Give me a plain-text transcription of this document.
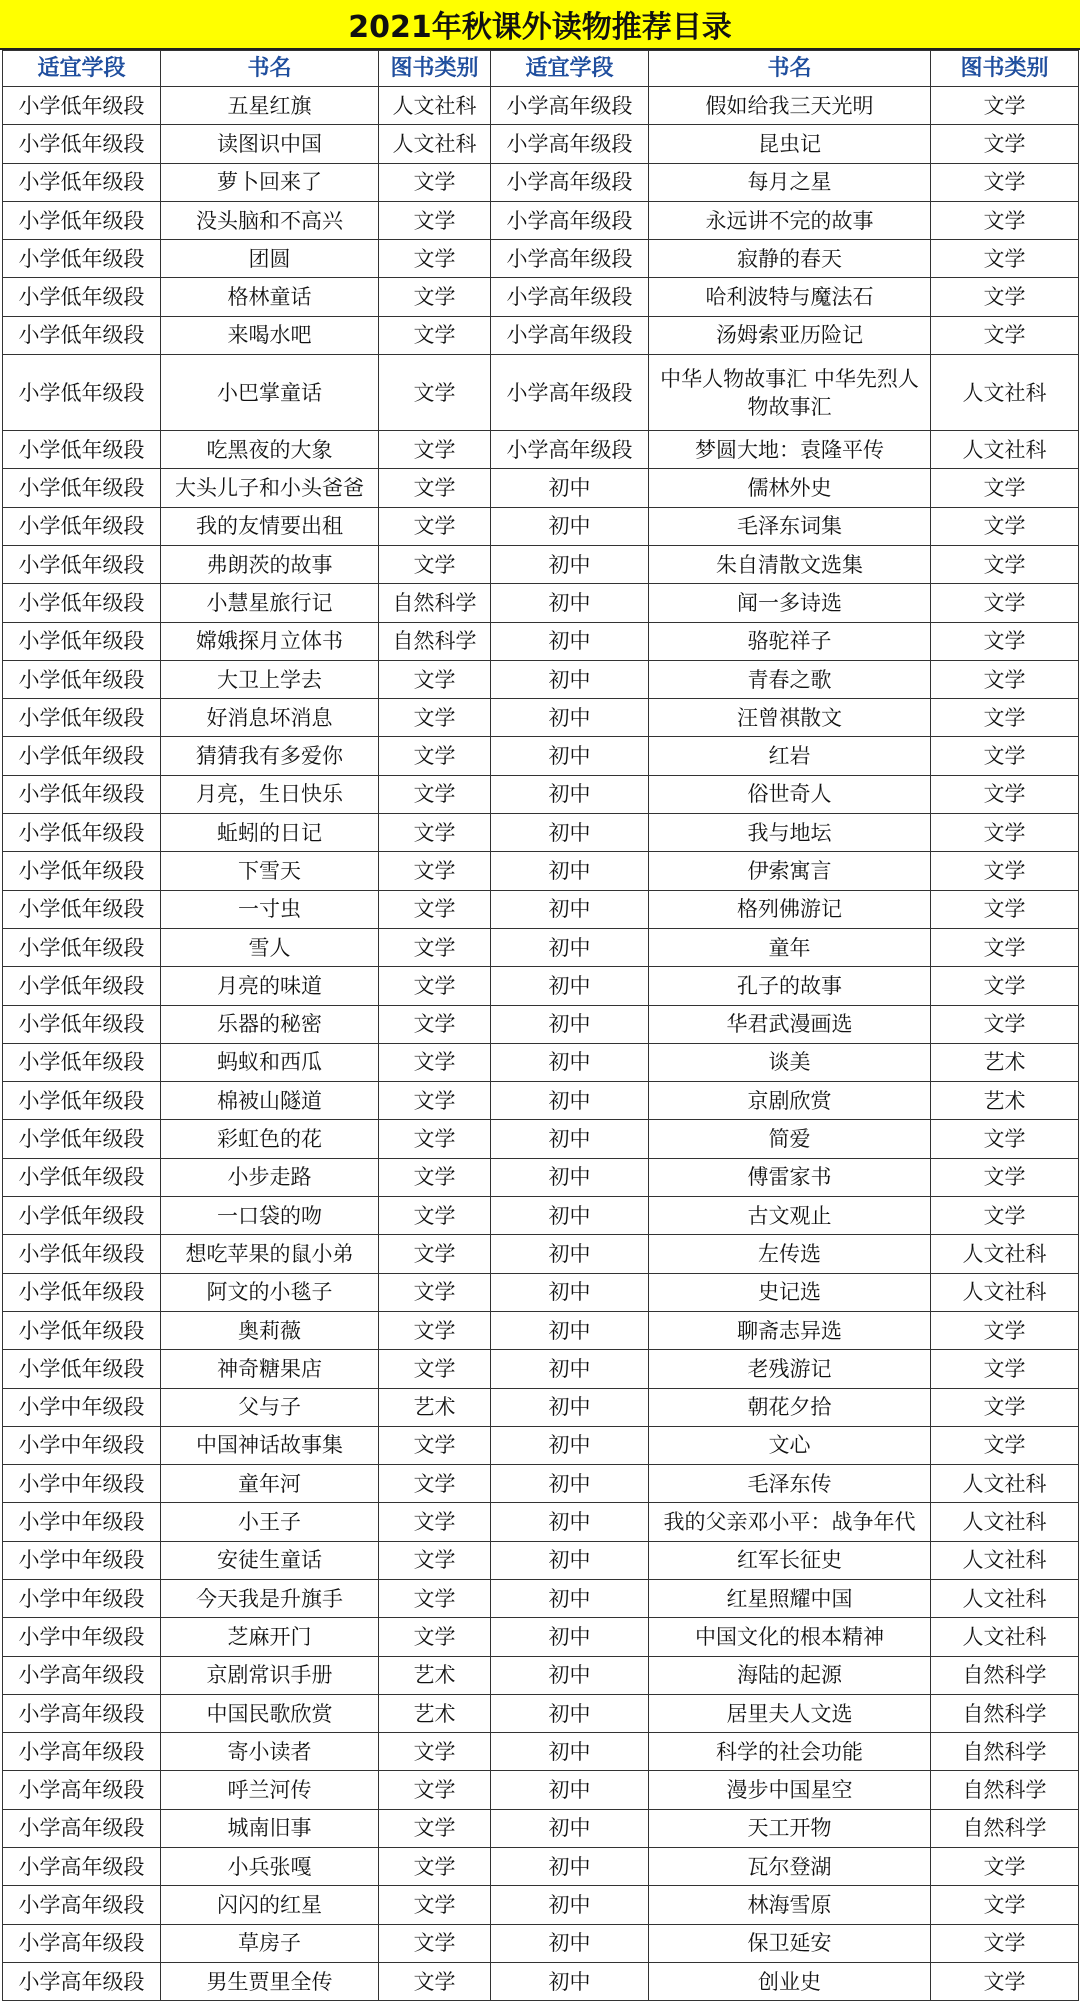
2021年秋课外读物推荐目录
适宜学段	书名	图书类别	适宜学段	书名	图书类别
小学低年级段	五星红旗	人文社科	小学高年级段	假如给我三天光明	文学
小学低年级段	读图识中国	人文社科	小学高年级段	昆虫记	文学
小学低年级段	萝卜回来了	文学	小学高年级段	每月之星	文学
小学低年级段	没头脑和不高兴	文学	小学高年级段	永远讲不完的故事	文学
小学低年级段	团圆	文学	小学高年级段	寂静的春天	文学
小学低年级段	格林童话	文学	小学高年级段	哈利波特与魔法石	文学
小学低年级段	来喝水吧	文学	小学高年级段	汤姆索亚历险记	文学
小学低年级段	小巴掌童话	文学	小学高年级段	中华人物故事汇 中华先烈人物故事汇	人文社科
小学低年级段	吃黑夜的大象	文学	小学高年级段	梦圆大地：袁隆平传	人文社科
小学低年级段	大头儿子和小头爸爸	文学	初中	儒林外史	文学
小学低年级段	我的友情要出租	文学	初中	毛泽东词集	文学
小学低年级段	弗朗茨的故事	文学	初中	朱自清散文选集	文学
小学低年级段	小慧星旅行记	自然科学	初中	闻一多诗选	文学
小学低年级段	嫦娥探月立体书	自然科学	初中	骆驼祥子	文学
小学低年级段	大卫上学去	文学	初中	青春之歌	文学
小学低年级段	好消息坏消息	文学	初中	汪曾祺散文	文学
小学低年级段	猜猜我有多爱你	文学	初中	红岩	文学
小学低年级段	月亮，生日快乐	文学	初中	俗世奇人	文学
小学低年级段	蚯蚓的日记	文学	初中	我与地坛	文学
小学低年级段	下雪天	文学	初中	伊索寓言	文学
小学低年级段	一寸虫	文学	初中	格列佛游记	文学
小学低年级段	雪人	文学	初中	童年	文学
小学低年级段	月亮的味道	文学	初中	孔子的故事	文学
小学低年级段	乐器的秘密	文学	初中	华君武漫画选	文学
小学低年级段	蚂蚁和西瓜	文学	初中	谈美	艺术
小学低年级段	棉被山隧道	文学	初中	京剧欣赏	艺术
小学低年级段	彩虹色的花	文学	初中	简爱	文学
小学低年级段	小步走路	文学	初中	傅雷家书	文学
小学低年级段	一口袋的吻	文学	初中	古文观止	文学
小学低年级段	想吃苹果的鼠小弟	文学	初中	左传选	人文社科
小学低年级段	阿文的小毯子	文学	初中	史记选	人文社科
小学低年级段	奥莉薇	文学	初中	聊斋志异选	文学
小学低年级段	神奇糖果店	文学	初中	老残游记	文学
小学中年级段	父与子	艺术	初中	朝花夕拾	文学
小学中年级段	中国神话故事集	文学	初中	文心	文学
小学中年级段	童年河	文学	初中	毛泽东传	人文社科
小学中年级段	小王子	文学	初中	我的父亲邓小平：战争年代	人文社科
小学中年级段	安徒生童话	文学	初中	红军长征史	人文社科
小学中年级段	今天我是升旗手	文学	初中	红星照耀中国	人文社科
小学中年级段	芝麻开门	文学	初中	中国文化的根本精神	人文社科
小学高年级段	京剧常识手册	艺术	初中	海陆的起源	自然科学
小学高年级段	中国民歌欣赏	艺术	初中	居里夫人文选	自然科学
小学高年级段	寄小读者	文学	初中	科学的社会功能	自然科学
小学高年级段	呼兰河传	文学	初中	漫步中国星空	自然科学
小学高年级段	城南旧事	文学	初中	天工开物	自然科学
小学高年级段	小兵张嘎	文学	初中	瓦尔登湖	文学
小学高年级段	闪闪的红星	文学	初中	林海雪原	文学
小学高年级段	草房子	文学	初中	保卫延安	文学
小学高年级段	男生贾里全传	文学	初中	创业史	文学
